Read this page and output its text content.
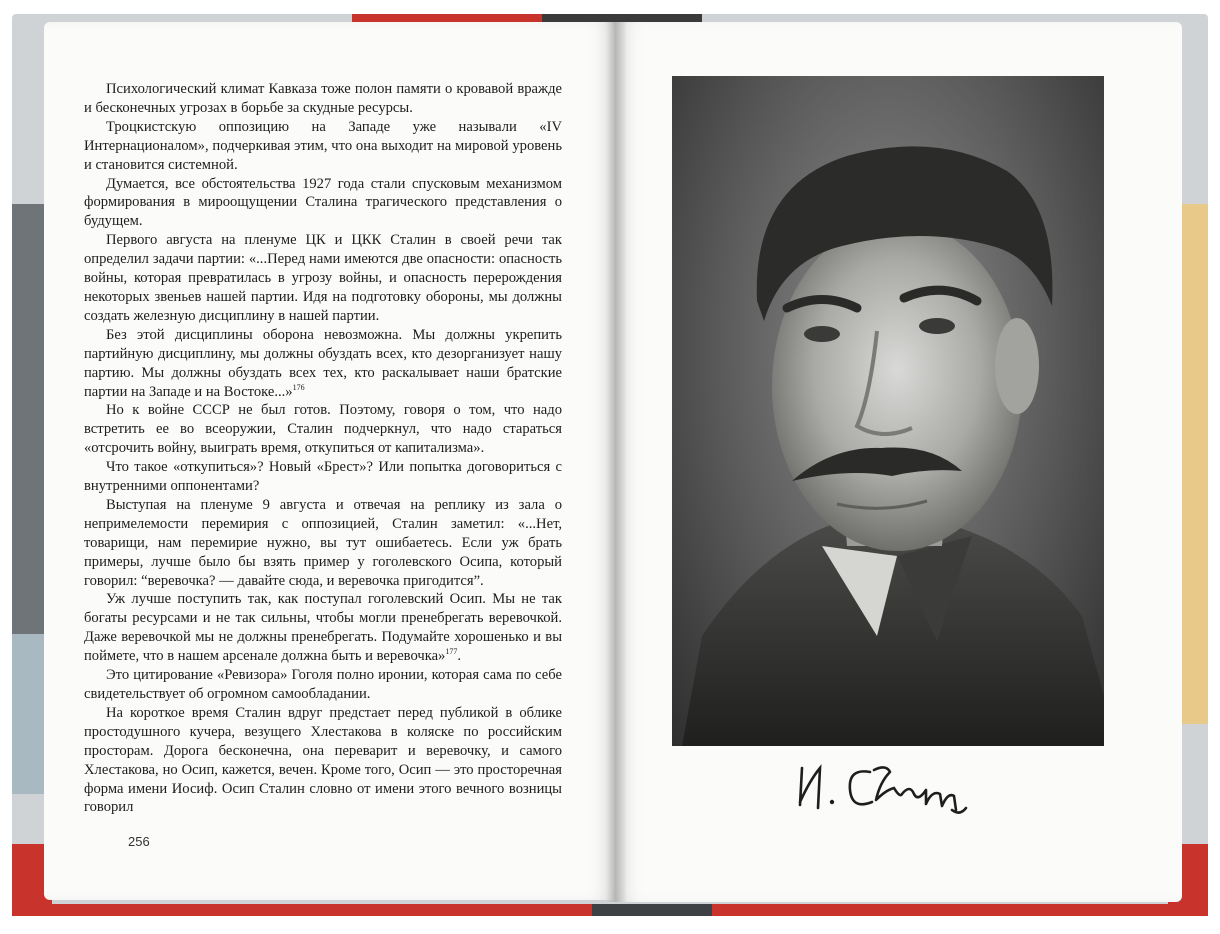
Психологический климат Кавказа тоже полон памяти о кровавой вражде и бесконечных угрозах в борьбе за скудные ресурсы.

Троцкистскую оппозицию на Западе уже называли «IV Интернационалом», подчеркивая этим, что она выходит на мировой уровень и становится системной.

Думается, все обстоятельства 1927 года стали спусковым механизмом формирования в мироощущении Сталина трагического представления о будущем.

Первого августа на пленуме ЦК и ЦКК Сталин в своей речи так определил задачи партии: «...Перед нами имеются две опасности: опасность войны, которая превратилась в угрозу войны, и опасность перерождения некоторых звеньев нашей партии. Идя на подготовку обороны, мы должны создать железную дисциплину в нашей партии.

Без этой дисциплины оборона невозможна. Мы должны укрепить партийную дисциплину, мы должны обуздать всех, кто дезорганизует нашу партию. Мы должны обуздать всех тех, кто раскалывает наши братские партии на Западе и на Востоке...»$^{176}$

Но к войне СССР не был готов. Поэтому, говоря о том, что надо встретить ее во всеоружии, Сталин подчеркнул, что надо стараться «отсрочить войну, выиграть время, откупиться от капитализма».

Что такое «откупиться»? Новый «Брест»? Или попытка договориться с внутренними оппонентами?

Выступая на пленуме 9 августа и отвечая на реплику из зала о непримелемости перемирия с оппозицией, Сталин заметил: «...Нет, товарищи, нам перемирие нужно, вы тут ошибаетесь. Если уж брать примеры, лучше было бы взять пример у гоголевского Осипа, который говорил: “веревочка? — давайте сюда, и веревочка пригодится”.

Уж лучше поступить так, как поступал гоголевский Осип. Мы не так богаты ресурсами и не так сильны, чтобы могли пренебрегать веревочкой. Даже веревочкой мы не должны пренебрегать. Подумайте хорошенько и вы поймете, что в нашем арсенале должна быть и веревочка»$^{177}$.

Это цитирование «Ревизора» Гоголя полно иронии, которая сама по себе свидетельствует об огромном самообладании.

На короткое время Сталин вдруг предстает перед публикой в облике простодушного кучера, везущего Хлестакова в коляске по российским просторам. Дорога бесконечна, она переварит и веревочку, и самого Хлестакова, но Осип, кажется, вечен. Кроме того, Осип — это просторечная форма имени Иосиф. Осип Сталин словно от имени этого вечного возницы говорил

256
